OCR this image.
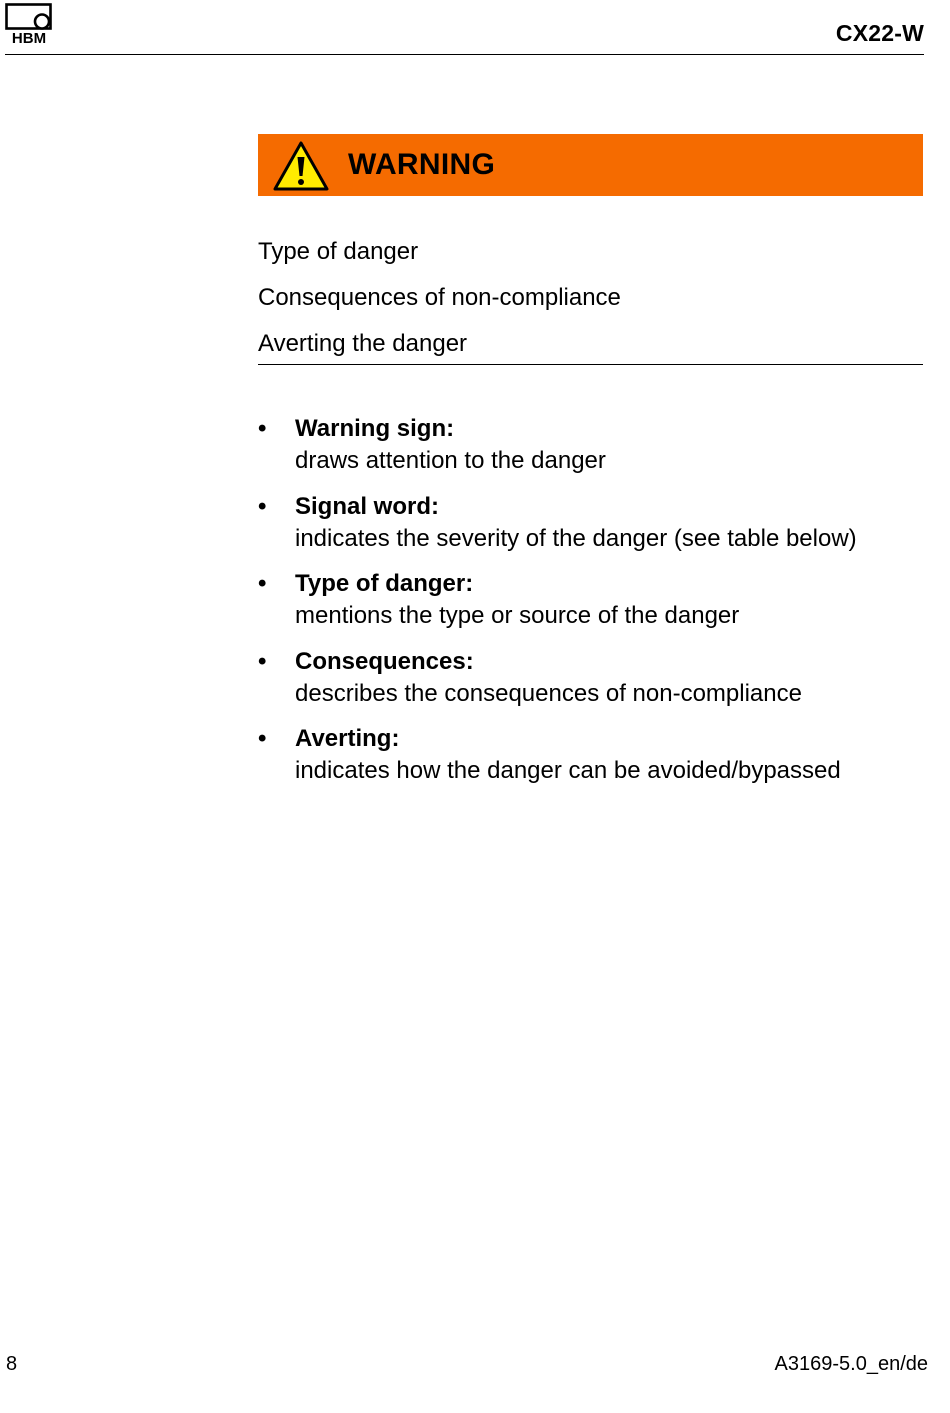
HBM	CX22-W
WARNING
Type of danger
Consequences of non-compliance
Averting the danger
• Warning sign:
draws attention to the danger
• Signal word:
indicates the severity of the danger (see table below)
• Type of danger:
mentions the type or source of the danger
• Consequences:
describes the consequences of non-compliance
• Averting:
indicates how the danger can be avoided/bypassed
8	A3169-5.0_en/de
